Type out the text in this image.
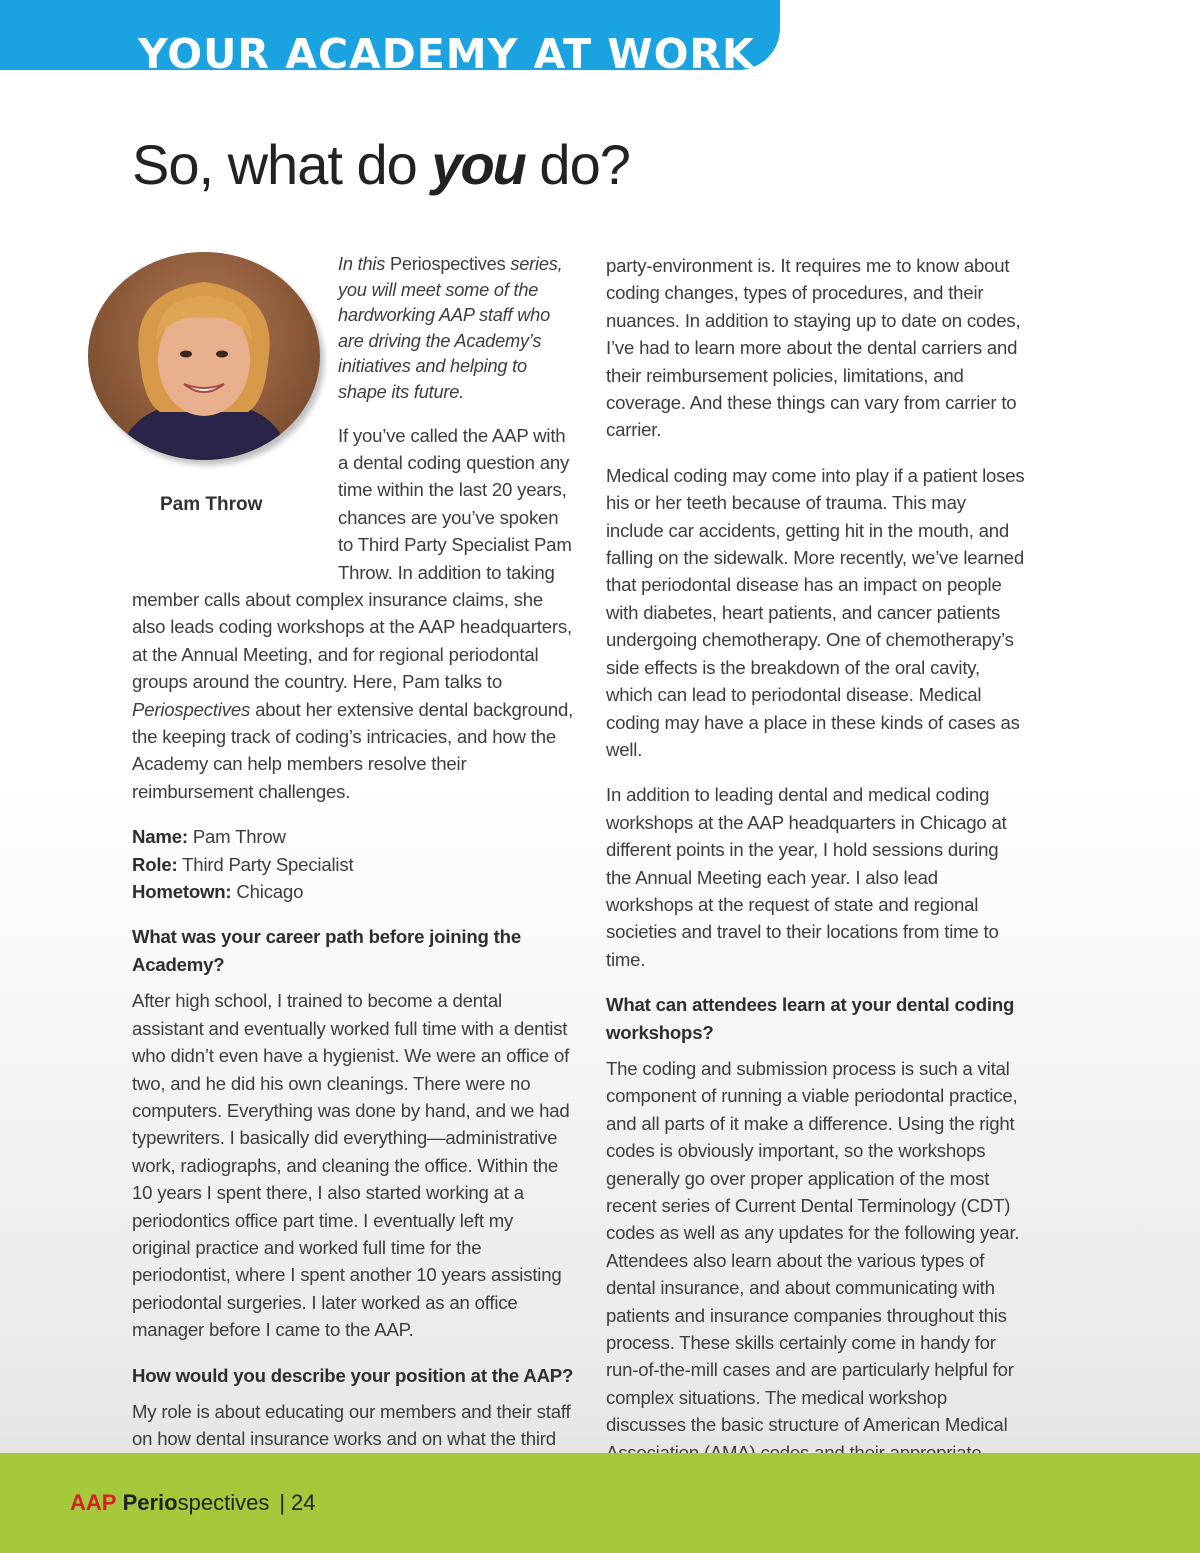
YOUR ACADEMY AT WORK
So, what do you do?

Pam Throw

In this Periospectives series, you will meet some of the hardworking AAP staff who are driving the Academy’s initiatives and helping to shape its future.

If you’ve called the AAP with a dental coding question any time within the last 20 years, chances are you’ve spoken to Third Party Specialist Pam Throw. In addition to taking member calls about complex insurance claims, she also leads coding workshops at the AAP headquarters, at the Annual Meeting, and for regional periodontal groups around the country. Here, Pam talks to Periospectives about her extensive dental background, the keeping track of coding’s intricacies, and how the Academy can help members resolve their reimbursement challenges.

Name: Pam Throw
Role: Third Party Specialist
Hometown: Chicago

What was your career path before joining the Academy?

After high school, I trained to become a dental assistant and eventually worked full time with a dentist who didn’t even have a hygienist. We were an office of two, and he did his own cleanings. There were no computers. Everything was done by hand, and we had typewriters. I basically did everything—administrative work, radiographs, and cleaning the office. Within the 10 years I spent there, I also started working at a periodontics office part time. I eventually left my original practice and worked full time for the periodontist, where I spent another 10 years assisting periodontal surgeries. I later worked as an office manager before I came to the AAP.

How would you describe your position at the AAP?

My role is about educating our members and their staff on how dental insurance works and on what the third

party-environment is. It requires me to know about coding changes, types of procedures, and their nuances. In addition to staying up to date on codes, I’ve had to learn more about the dental carriers and their reimbursement policies, limitations, and coverage. And these things can vary from carrier to carrier.

Medical coding may come into play if a patient loses his or her teeth because of trauma. This may include car accidents, getting hit in the mouth, and falling on the sidewalk. More recently, we’ve learned that periodontal disease has an impact on people with diabetes, heart patients, and cancer patients undergoing chemotherapy. One of chemotherapy’s side effects is the breakdown of the oral cavity, which can lead to periodontal disease. Medical coding may have a place in these kinds of cases as well.

In addition to leading dental and medical coding workshops at the AAP headquarters in Chicago at different points in the year, I hold sessions during the Annual Meeting each year. I also lead workshops at the request of state and regional societies and travel to their locations from time to time.

What can attendees learn at your dental coding workshops?

The coding and submission process is such a vital component of running a viable periodontal practice, and all parts of it make a difference. Using the right codes is obviously important, so the workshops generally go over proper application of the most recent series of Current Dental Terminology (CDT) codes as well as any updates for the following year. Attendees also learn about the various types of dental insurance, and about communicating with patients and insurance companies throughout this process. These skills certainly come in handy for run-of-the-mill cases and are particularly helpful for complex situations. The medical workshop discusses the basic structure of American Medical

AAP Periospectives | 24
